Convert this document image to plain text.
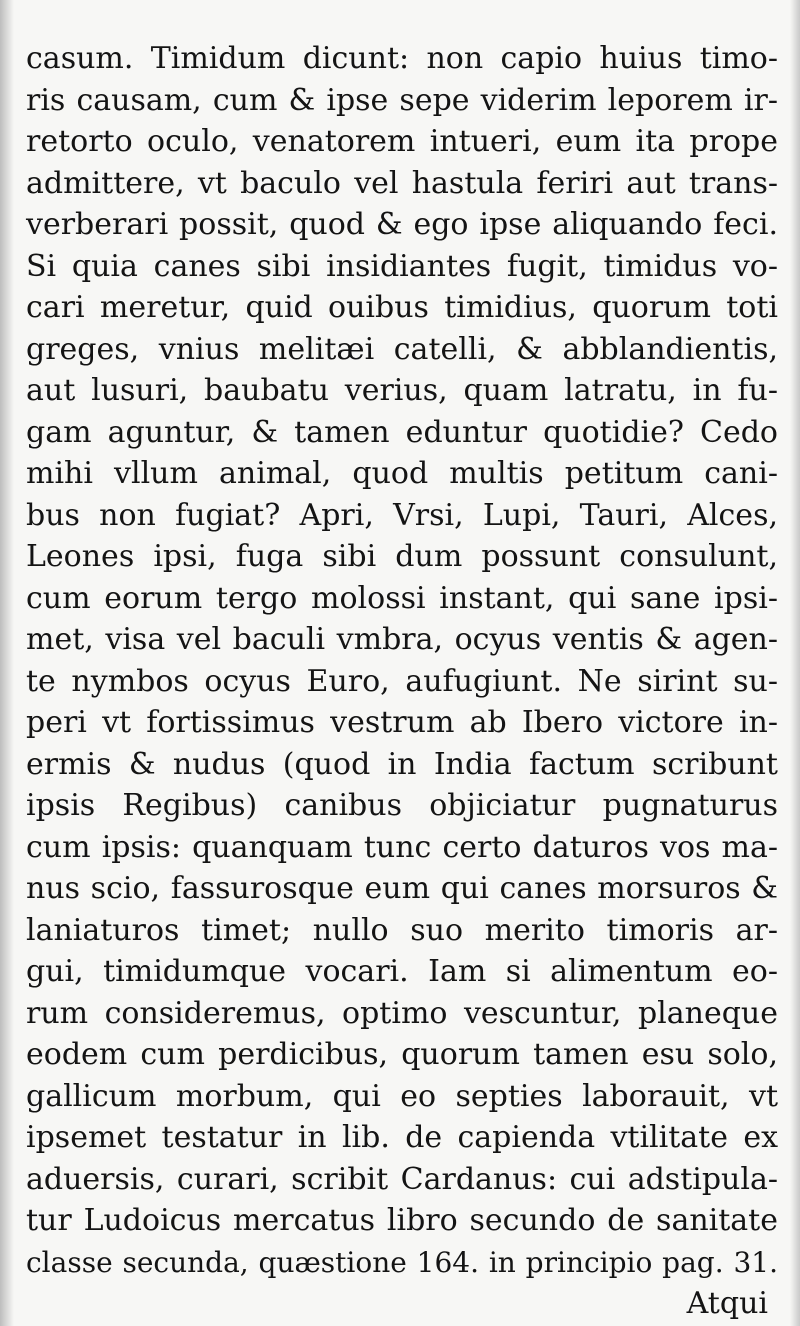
casum. Timidum dicunt: non capio huius timo-
ris causam, cum & ipse sepe viderim leporem ir-
retorto oculo, venatorem intueri, eum ita prope
admittere, vt baculo vel hastula feriri aut trans-
verberari possit, quod & ego ipse aliquando feci.
Si quia canes sibi insidiantes fugit, timidus vo-
cari meretur, quid ouibus timidius, quorum toti
greges, vnius melitæi catelli, & abblandientis,
aut lusuri, baubatu verius, quam latratu, in fu-
gam aguntur, & tamen eduntur quotidie? Cedo
mihi vllum animal, quod multis petitum cani-
bus non fugiat? Apri, Vrsi, Lupi, Tauri, Alces,
Leones ipsi, fuga sibi dum possunt consulunt,
cum eorum tergo molossi instant, qui sane ipsi-
met, visa vel baculi vmbra, ocyus ventis & agen-
te nymbos ocyus Euro, aufugiunt. Ne sirint su-
peri vt fortissimus vestrum ab Ibero victore in-
ermis & nudus (quod in India factum scribunt
ipsis Regibus) canibus objiciatur pugnaturus
cum ipsis: quanquam tunc certo daturos vos ma-
nus scio, fassurosque eum qui canes morsuros &
laniaturos timet; nullo suo merito timoris ar-
gui, timidumque vocari. Iam si alimentum eo-
rum consideremus, optimo vescuntur, planeque
eodem cum perdicibus, quorum tamen esu solo,
gallicum morbum, qui eo septies laborauit, vt
ipsemet testatur in lib. de capienda vtilitate ex
aduersis, curari, scribit Cardanus: cui adstipula-
tur Ludoicus mercatus libro secundo de sanitate
classe secunda, quæstione 164. in principio pag. 31.
Atqui
